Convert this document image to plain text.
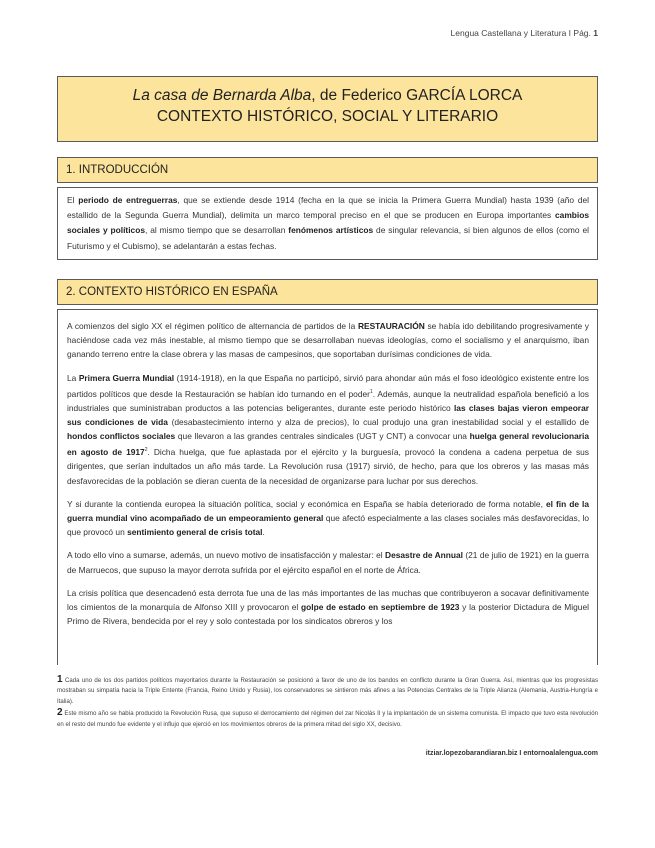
Lengua Castellana y Literatura I Pág. 1
La casa de Bernarda Alba, de Federico GARCÍA LORCA
CONTEXTO HISTÓRICO, SOCIAL Y LITERARIO
1. INTRODUCCIÓN

El periodo de entreguerras, que se extiende desde 1914 (fecha en la que se inicia la Primera Guerra Mundial) hasta 1939 (año del estallido de la Segunda Guerra Mundial), delimita un marco temporal preciso en el que se producen en Europa importantes cambios sociales y políticos, al mismo tiempo que se desarrollan fenómenos artísticos de singular relevancia, si bien algunos de ellos (como el Futurismo y el Cubismo), se adelantarán a estas fechas.

2. CONTEXTO HISTÓRICO EN ESPAÑA

A comienzos del siglo XX el régimen político de alternancia de partidos de la RESTAURACIÓN se había ido debilitando progresivamente y haciéndose cada vez más inestable, al mismo tiempo que se desarrollaban nuevas ideologías, como el socialismo y el anarquismo, iban ganando terreno entre la clase obrera y las masas de campesinos, que soportaban durísimas condiciones de vida.

La Primera Guerra Mundial (1914-1918), en la que España no participó, sirvió para ahondar aún más el foso ideológico existente entre los partidos políticos que desde la Restauración se habían ido turnando en el poder$^1$. Además, aunque la neutralidad española benefició a los industriales que suministraban productos a las potencias beligerantes, durante este periodo histórico las clases bajas vieron empeorar sus condiciones de vida (desabastecimiento interno y alza de precios), lo cual produjo una gran inestabilidad social y el estallido de hondos conflictos sociales que llevaron a las grandes centrales sindicales (UGT y CNT) a convocar una huelga general revolucionaria en agosto de 1917$^2$. Dicha huelga, que fue aplastada por el ejército y la burguesía, provocó la condena a cadena perpetua de sus dirigentes, que serían indultados un año más tarde. La Revolución rusa (1917) sirvió, de hecho, para que los obreros y las masas más desfavorecidas de la población se dieran cuenta de la necesidad de organizarse para luchar por sus derechos.

Y si durante la contienda europea la situación política, social y económica en España se había deteriorado de forma notable, el fin de la guerra mundial vino acompañado de un empeoramiento general que afectó especialmente a las clases sociales más desfavorecidas, lo que provocó un sentimiento general de crisis total.

A todo ello vino a sumarse, además, un nuevo motivo de insatisfacción y malestar: el Desastre de Annual (21 de julio de 1921) en la guerra de Marruecos, que supuso la mayor derrota sufrida por el ejército español en el norte de África.

La crisis política que desencadenó esta derrota fue una de las más importantes de las muchas que contribuyeron a socavar definitivamente los cimientos de la monarquía de Alfonso XIII y provocaron el golpe de estado en septiembre de 1923 y la posterior Dictadura de Miguel Primo de Rivera, bendecida por el rey y solo contestada por los sindicatos obreros y los

1 Cada uno de los dos partidos políticos mayoritarios durante la Restauración se posicionó a favor de uno de los bandos en conflicto durante la Gran Guerra. Así, mientras que los progresistas mostraban su simpatía hacia la Triple Entente (Francia, Reino Unido y Rusia), los conservadores se sintieron más afines a las Potencias Centrales de la Triple Alianza (Alemania, Austria-Hungría e Italia).
2 Este mismo año se había producido la Revolución Rusa, que supuso el derrocamiento del régimen del zar Nicolás II y la implantación de un sistema comunista. El impacto que tuvo esta revolución en el resto del mundo fue evidente y el influjo que ejerció en los movimientos obreros de la primera mitad del siglo XX, decisivo.
itziar.lopezobarandiaran.biz I entornoalalengua.com
